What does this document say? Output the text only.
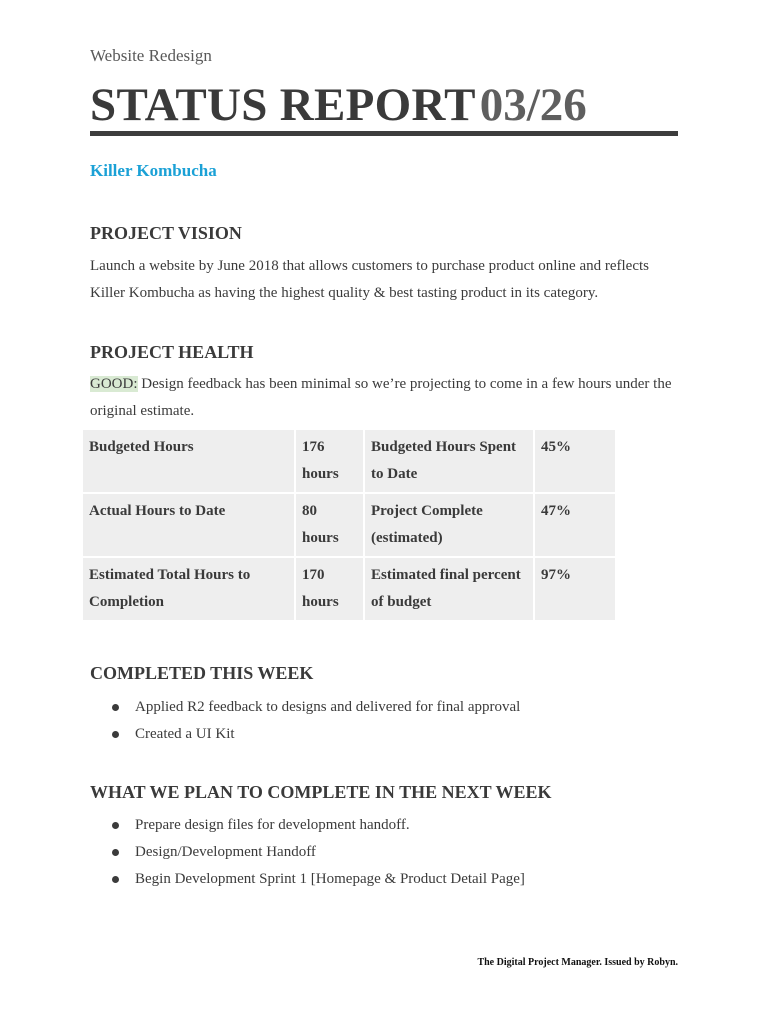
Website Redesign
STATUS REPORT 03/26
Killer Kombucha
PROJECT VISION
Launch a website by June 2018 that allows customers to purchase product online and reflects Killer Kombucha as having the highest quality & best tasting product in its category.
PROJECT HEALTH
GOOD: Design feedback has been minimal so we’re projecting to come in a few hours under the original estimate.
Budgeted Hours	176 hours	Budgeted Hours Spent to Date	45%
Actual Hours to Date	80 hours	Project Complete (estimated)	47%
Estimated Total Hours to Completion	170 hours	Estimated final percent of budget	97%
COMPLETED THIS WEEK
Applied R2 feedback to designs and delivered for final approval
Created a UI Kit
WHAT WE PLAN TO COMPLETE IN THE NEXT WEEK
Prepare design files for development handoff.
Design/Development Handoff
Begin Development Sprint 1 [Homepage & Product Detail Page]
The Digital Project Manager. Issued by Robyn.
